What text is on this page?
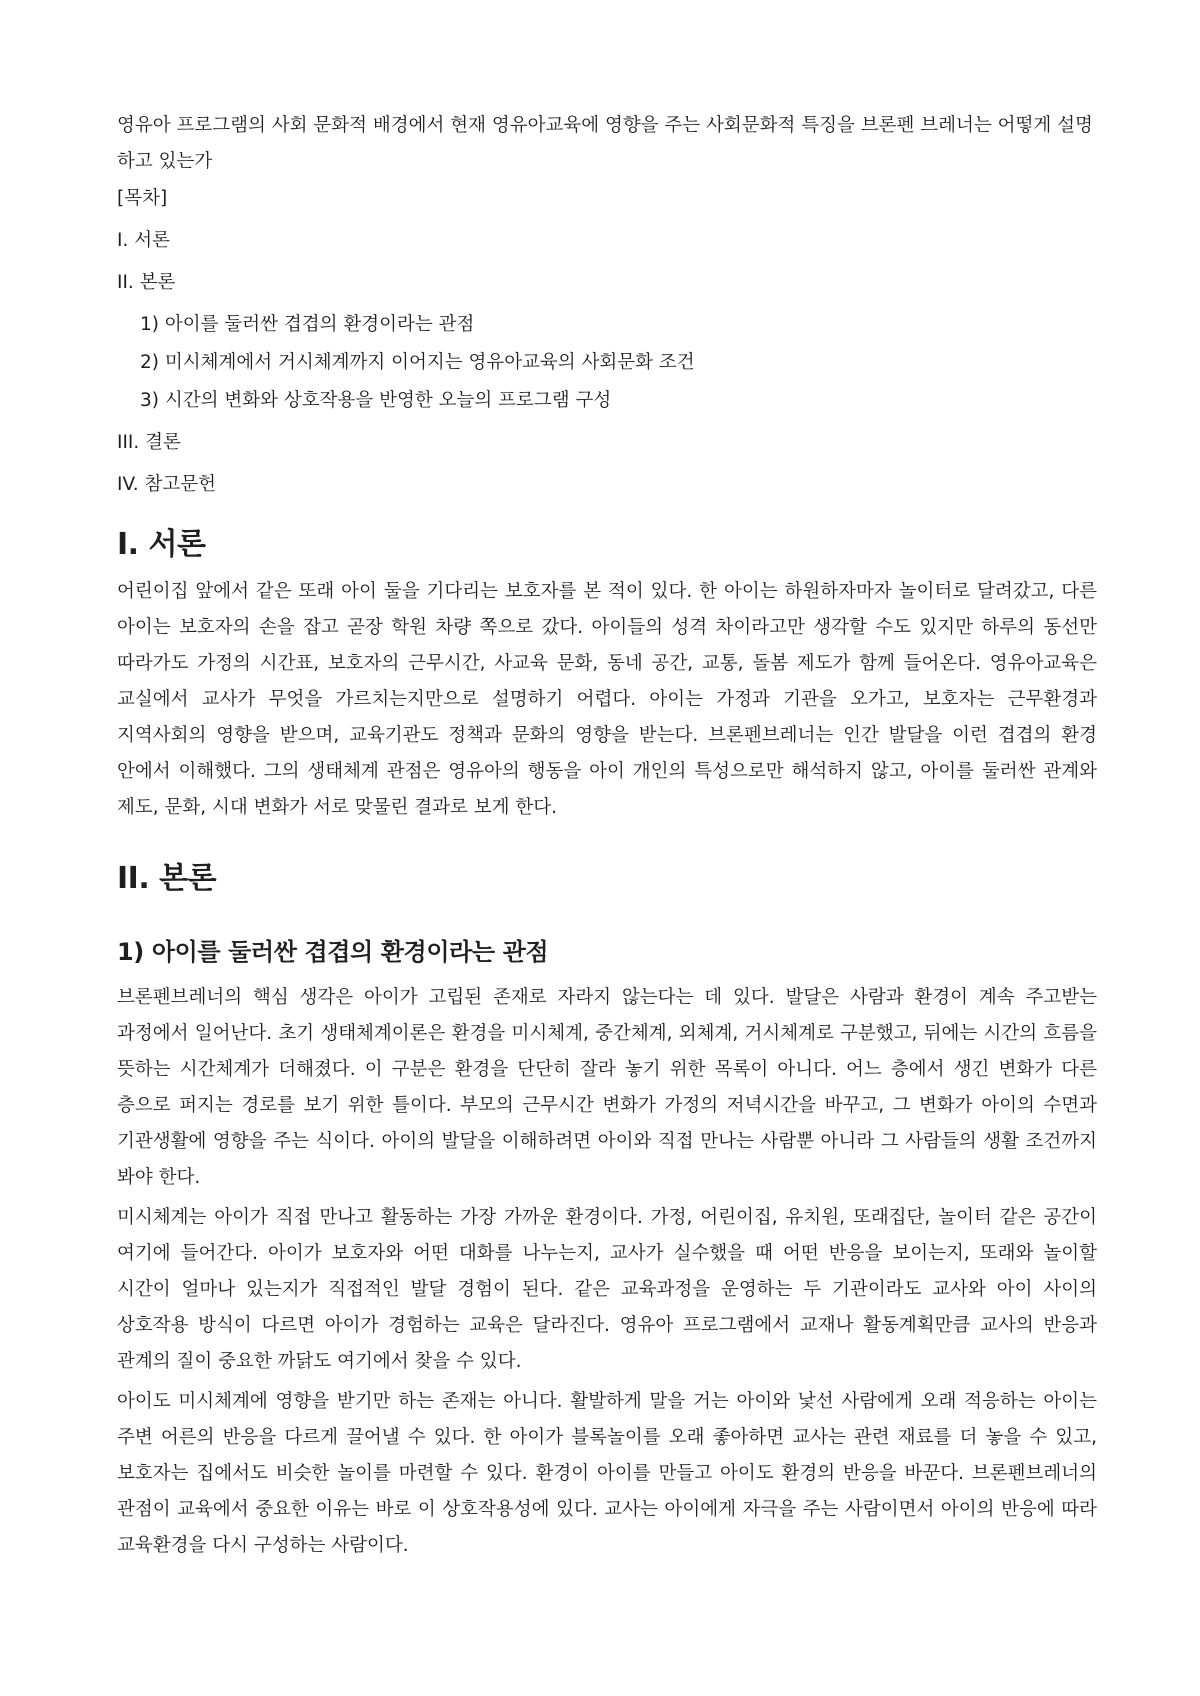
영유아 프로그램의 사회 문화적 배경에서 현재 영유아교육에 영향을 주는 사회문화적 특징을 브론펜 브레너는 어떻게 설명하고 있는가

[목차]
I. 서론
II. 본론
1) 아이를 둘러싼 겹겹의 환경이라는 관점
2) 미시체계에서 거시체계까지 이어지는 영유아교육의 사회문화 조건
3) 시간의 변화와 상호작용을 반영한 오늘의 프로그램 구성
III. 결론
IV. 참고문헌
I. 서론

어린이집 앞에서 같은 또래 아이 둘을 기다리는 보호자를 본 적이 있다. 한 아이는 하원하자마자 놀이터로 달려갔고, 다른 아이는 보호자의 손을 잡고 곧장 학원 차량 쪽으로 갔다. 아이들의 성격 차이라고만 생각할 수도 있지만 하루의 동선만 따라가도 가정의 시간표, 보호자의 근무시간, 사교육 문화, 동네 공간, 교통, 돌봄 제도가 함께 들어온다. 영유아교육은 교실에서 교사가 무엇을 가르치는지만으로 설명하기 어렵다. 아이는 가정과 기관을 오가고, 보호자는 근무환경과 지역사회의 영향을 받으며, 교육기관도 정책과 문화의 영향을 받는다. 브론펜브레너는 인간 발달을 이런 겹겹의 환경 안에서 이해했다. 그의 생태체계 관점은 영유아의 행동을 아이 개인의 특성으로만 해석하지 않고, 아이를 둘러싼 관계와 제도, 문화, 시대 변화가 서로 맞물린 결과로 보게 한다.

II. 본론
1) 아이를 둘러싼 겹겹의 환경이라는 관점

브론펜브레너의 핵심 생각은 아이가 고립된 존재로 자라지 않는다는 데 있다. 발달은 사람과 환경이 계속 주고받는 과정에서 일어난다. 초기 생태체계이론은 환경을 미시체계, 중간체계, 외체계, 거시체계로 구분했고, 뒤에는 시간의 흐름을 뜻하는 시간체계가 더해졌다. 이 구분은 환경을 단단히 잘라 놓기 위한 목록이 아니다. 어느 층에서 생긴 변화가 다른 층으로 퍼지는 경로를 보기 위한 틀이다. 부모의 근무시간 변화가 가정의 저녁시간을 바꾸고, 그 변화가 아이의 수면과 기관생활에 영향을 주는 식이다. 아이의 발달을 이해하려면 아이와 직접 만나는 사람뿐 아니라 그 사람들의 생활 조건까지 봐야 한다.

미시체계는 아이가 직접 만나고 활동하는 가장 가까운 환경이다. 가정, 어린이집, 유치원, 또래집단, 놀이터 같은 공간이 여기에 들어간다. 아이가 보호자와 어떤 대화를 나누는지, 교사가 실수했을 때 어떤 반응을 보이는지, 또래와 놀이할 시간이 얼마나 있는지가 직접적인 발달 경험이 된다. 같은 교육과정을 운영하는 두 기관이라도 교사와 아이 사이의 상호작용 방식이 다르면 아이가 경험하는 교육은 달라진다. 영유아 프로그램에서 교재나 활동계획만큼 교사의 반응과 관계의 질이 중요한 까닭도 여기에서 찾을 수 있다.

아이도 미시체계에 영향을 받기만 하는 존재는 아니다. 활발하게 말을 거는 아이와 낯선 사람에게 오래 적응하는 아이는 주변 어른의 반응을 다르게 끌어낼 수 있다. 한 아이가 블록놀이를 오래 좋아하면 교사는 관련 재료를 더 놓을 수 있고, 보호자는 집에서도 비슷한 놀이를 마련할 수 있다. 환경이 아이를 만들고 아이도 환경의 반응을 바꾼다. 브론펜브레너의 관점이 교육에서 중요한 이유는 바로 이 상호작용성에 있다. 교사는 아이에게 자극을 주는 사람이면서 아이의 반응에 따라 교육환경을 다시 구성하는 사람이다.
